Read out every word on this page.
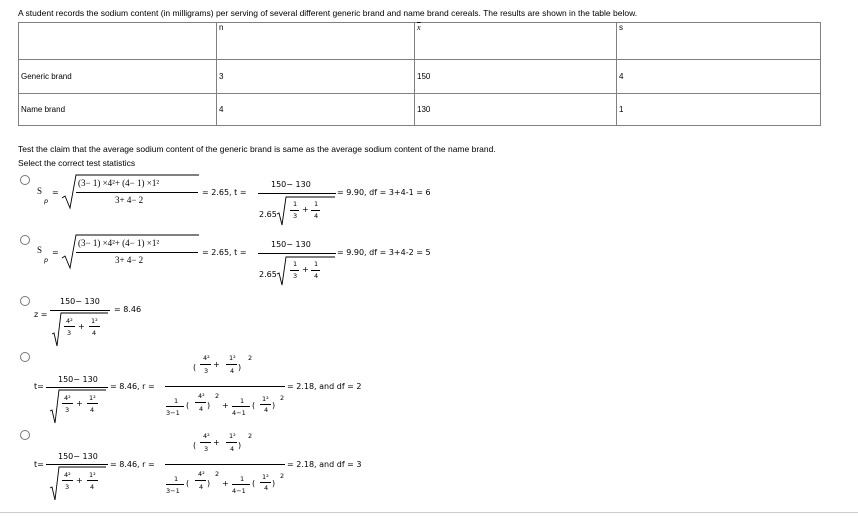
A student records the sodium content (in milligrams) per serving of several different generic brand and name brand cereals. The results are shown in the table below.
	n	$\overline{x}$	s
Generic brand	3	150	4
Name brand	4	130	1
Test the claim that the average sodium content of the generic brand is same as the average sodium content of the name brand.
Select the correct test statistics
S
p
=
(3− 1) ×4²+ (4− 1) ×1²
3+ 4− 2
= 2.65, t =
150− 130
2.65
1
3
+
1
4
= 9.90, df = 3+4-1 = 6
S
p
=
(3− 1) ×4²+ (4− 1) ×1²
3+ 4− 2
= 2.65, t =
150− 130
2.65
1
3
+
1
4
= 9.90, df = 3+4-2 = 5
z =
150− 130
4²
3
+
1²
4
= 8.46
t=
150− 130
4²
3
+
1²
4
= 8.46, r =
(
4²
3
+
1²
4 )
2
1
3−1
(
4²
4 )
2
+ 1
4−1
(
1²
4 )
2
= 2.18, and df = 2
t=
150− 130
4²
3
+
1²
4
= 8.46, r =
(
4²
3
+
1²
4 )
2
1
3−1
(
4²
4 )
2
+ 1
4−1
(
1²
4 )
2
= 2.18, and df = 3
